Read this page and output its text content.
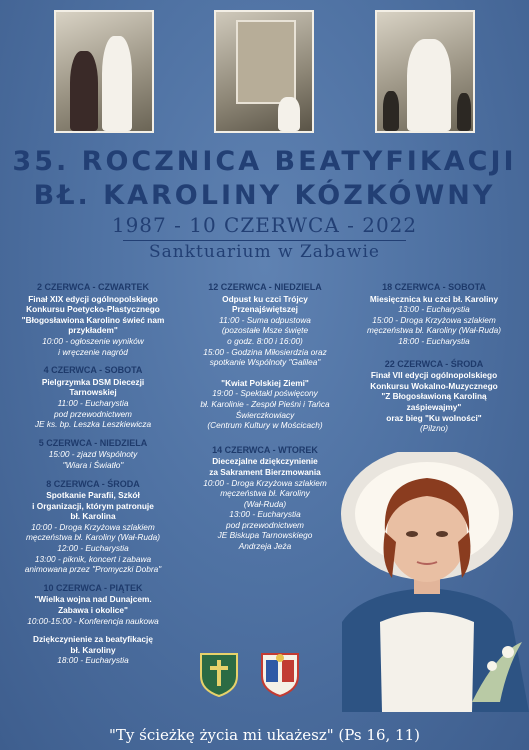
35. ROCZNICA BEATYFIKACJI
BŁ. KAROLINY KÓZKÓWNY
1987 - 10 CZERWCA - 2022
Sanktuarium w Zabawie
2 CZERWCA - CZWARTEK
Finał XIX edycji ogólnopolskiego
Konkursu Poetycko-Plastycznego
"Błogosławiona Karolino świeć nam
przykładem"
10:00 - ogłoszenie wyników
i wręczenie nagród
4 CZERWCA - SOBOTA
Pielgrzymka DSM Diecezji
Tarnowskiej
11:00 - Eucharystia
pod przewodnictwem
JE ks. bp. Leszka Leszkiewicza
5 CZERWCA - NIEDZIELA
15:00 - zjazd Wspólnoty
"Wiara i Światło"
8 CZERWCA - ŚRODA
Spotkanie Parafii, Szkół
i Organizacji, którym patronuje
bł. Karolina
10:00 - Droga Krzyżowa szlakiem
męczeństwa bł. Karoliny (Wał-Ruda)
12:00 - Eucharystia
13:00 - piknik, koncert i zabawa
animowana przez "Promyczki Dobra"
10 CZERWCA - PIĄTEK
"Wielka wojna nad Dunajcem.
Zabawa i okolice"
10:00-15:00 - Konferencja naukowa
Dziękczynienie za beatyfikację
bł. Karoliny
18:00 - Eucharystia
12 CZERWCA - NIEDZIELA
Odpust ku czci Trójcy
Przenajświętszej
11:00 - Suma odpustowa
(pozostałe Msze święte
o godz. 8:00 i 16:00)
15:00 - Godzina Miłosierdzia oraz
spotkanie Wspólnoty "Galilea"
"Kwiat Polskiej Ziemi"
19:00 - Spektakl poświęcony
bł. Karolinie - Zespół Pieśni i Tańca
Świerczkowiacy
(Centrum Kultury w Mościcach)
14 CZERWCA - WTOREK
Diecezjalne dziękczynienie
za Sakrament Bierzmowania
10:00 - Droga Krzyżowa szlakiem
męczeństwa bł. Karoliny
(Wał-Ruda)
13:00 - Eucharystia
pod przewodnictwem
JE Biskupa Tarnowskiego
Andrzeja Jeża
18 CZERWCA - SOBOTA
Miesięcznica ku czci bł. Karoliny
13:00 - Eucharystia
15:00 - Droga Krzyżowa szlakiem
męczeństwa bł. Karoliny (Wał-Ruda)
18:00 - Eucharystia
22 CZERWCA - ŚRODA
Finał VII edycji ogólnopolskiego
Konkursu Wokalno-Muzycznego
"Z Błogosławioną Karoliną
zaśpiewajmy"
oraz bieg "Ku wolności"
(Pilzno)
"Ty ścieżkę życia mi ukażesz" (Ps 16, 11)
